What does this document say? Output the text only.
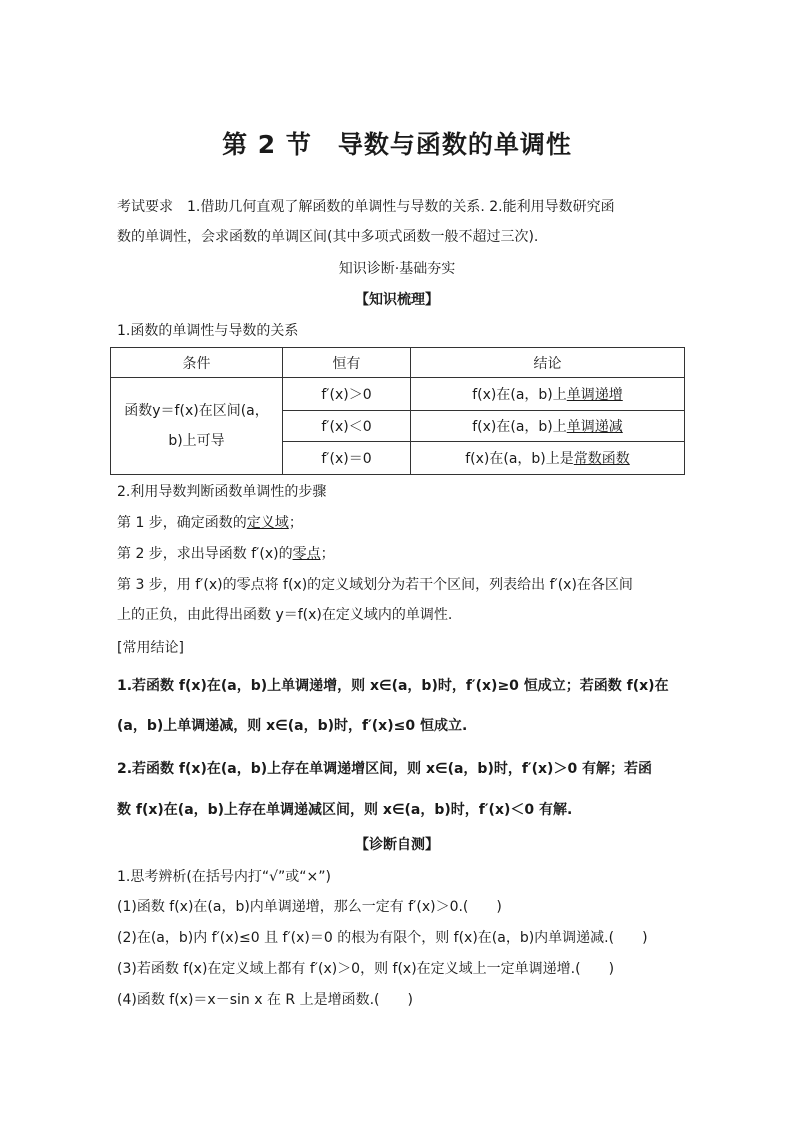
第 2 节　导数与函数的单调性
考试要求　 1.借助几何直观了解函数的单调性与导数的关系. 2.能利用导数研究函
数的单调性，会求函数的单调区间(其中多项式函数一般不超过三次).
知识诊断·基础夯实
【知识梳理】
1.函数的单调性与导数的关系
条件	恒有	结论

函数y＝f(x)在区间(a，
b)上可导	f′(x)＞0	f(x)在(a，b)上单调递增
	f′(x)＜0	f(x)在(a，b)上单调递减
	f′(x)＝0	f(x)在(a，b)上是常数函数
2.利用导数判断函数单调性的步骤
第 1 步，确定函数的定义域；
第 2 步，求出导函数 f′(x)的零点；
第 3 步，用 f′(x)的零点将 f(x)的定义域划分为若干个区间，列表给出 f′(x)在各区间
上的正负，由此得出函数 y＝f(x)在定义域内的单调性.
[常用结论]
1.若函数 f(x)在(a，b)上单调递增，则 x∈(a，b)时，f′(x)≥0 恒成立；若函数 f(x)在
(a，b)上单调递减，则 x∈(a，b)时，f′(x)≤0 恒成立.
2.若函数 f(x)在(a，b)上存在单调递增区间，则 x∈(a，b)时，f′(x)＞0 有解；若函
数 f(x)在(a，b)上存在单调递减区间，则 x∈(a，b)时，f′(x)＜0 有解.
【诊断自测】
1.思考辨析(在括号内打“√”或“×”)
(1)函数 f(x)在(a，b)内单调递增，那么一定有 f′(x)＞0.(　　)
(2)在(a，b)内 f′(x)≤0 且 f′(x)＝0 的根为有限个，则 f(x)在(a，b)内单调递减.(　　)
(3)若函数 f(x)在定义域上都有 f′(x)＞0，则 f(x)在定义域上一定单调递增.(　　)
(4)函数 f(x)＝x－sin x 在 R 上是增函数.(　　)
